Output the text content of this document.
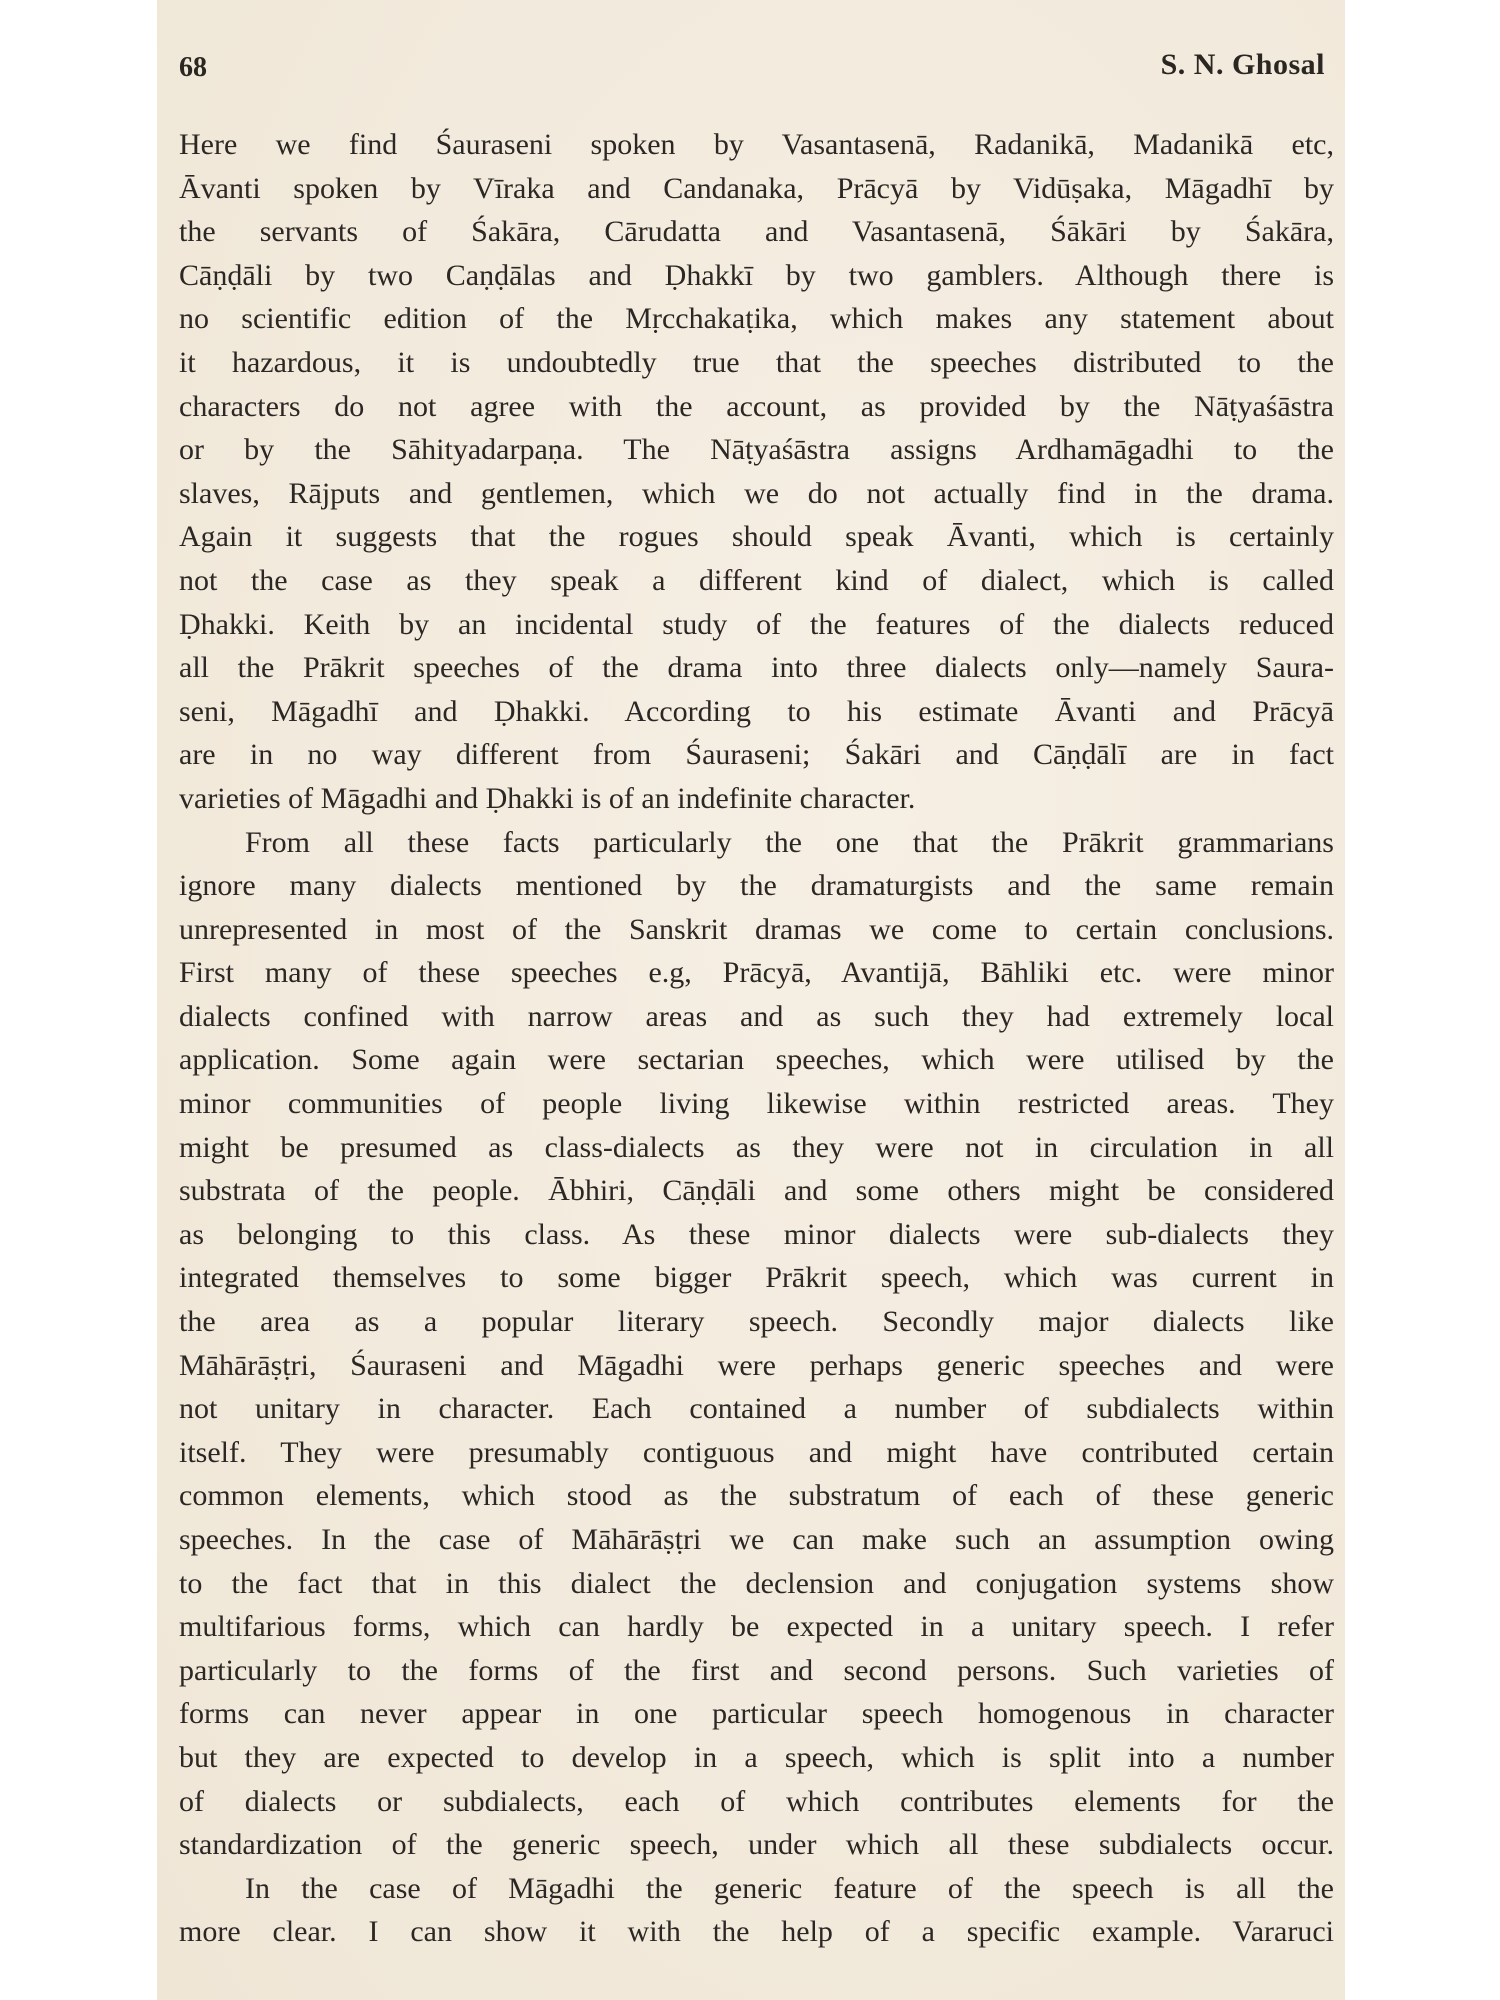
68	S. N. Ghosal
Here we find Śauraseni spoken by Vasantasenā, Radanikā, Madanikā etc,
Āvanti spoken by Vīraka and Candanaka, Prācyā by Vidūṣaka, Māgadhī by
the servants of Śakāra, Cārudatta and Vasantasenā, Śākāri by Śakāra,
Cāṇḍāli by two Caṇḍālas and Ḍhakkī by two gamblers. Although there is
no scientific edition of the Mṛcchakaṭika, which makes any statement about
it hazardous, it is undoubtedly true that the speeches distributed to the
characters do not agree with the account, as provided by the Nāṭyaśāstra
or by the Sāhityadarpaṇa. The Nāṭyaśāstra assigns Ardhamāgadhi to the
slaves, Rājputs and gentlemen, which we do not actually find in the drama.
Again it suggests that the rogues should speak Āvanti, which is certainly
not the case as they speak a different kind of dialect, which is called
Ḍhakki. Keith by an incidental study of the features of the dialects reduced
all the Prākrit speeches of the drama into three dialects only—namely Saura-
seni, Māgadhī and Ḍhakki. According to his estimate Āvanti and Prācyā
are in no way different from Śauraseni; Śakāri and Cāṇḍālī are in fact
varieties of Māgadhi and Ḍhakki is of an indefinite character.
From all these facts particularly the one that the Prākrit grammarians
ignore many dialects mentioned by the dramaturgists and the same remain
unrepresented in most of the Sanskrit dramas we come to certain conclusions.
First many of these speeches e.g, Prācyā, Avantijā, Bāhliki etc. were minor
dialects confined with narrow areas and as such they had extremely local
application. Some again were sectarian speeches, which were utilised by the
minor communities of people living likewise within restricted areas. They
might be presumed as class-dialects as they were not in circulation in all
substrata of the people. Ābhiri, Cāṇḍāli and some others might be considered
as belonging to this class. As these minor dialects were sub-dialects they
integrated themselves to some bigger Prākrit speech, which was current in
the area as a popular literary speech. Secondly major dialects like
Māhārāṣṭri, Śauraseni and Māgadhi were perhaps generic speeches and were
not unitary in character. Each contained a number of subdialects within
itself. They were presumably contiguous and might have contributed certain
common elements, which stood as the substratum of each of these generic
speeches. In the case of Māhārāṣṭri we can make such an assumption owing
to the fact that in this dialect the declension and conjugation systems show
multifarious forms, which can hardly be expected in a unitary speech. I refer
particularly to the forms of the first and second persons. Such varieties of
forms can never appear in one particular speech homogenous in character
but they are expected to develop in a speech, which is split into a number
of dialects or subdialects, each of which contributes elements for the
standardization of the generic speech, under which all these subdialects occur.
In the case of Māgadhi the generic feature of the speech is all the
more clear. I can show it with the help of a specific example. Vararuci
